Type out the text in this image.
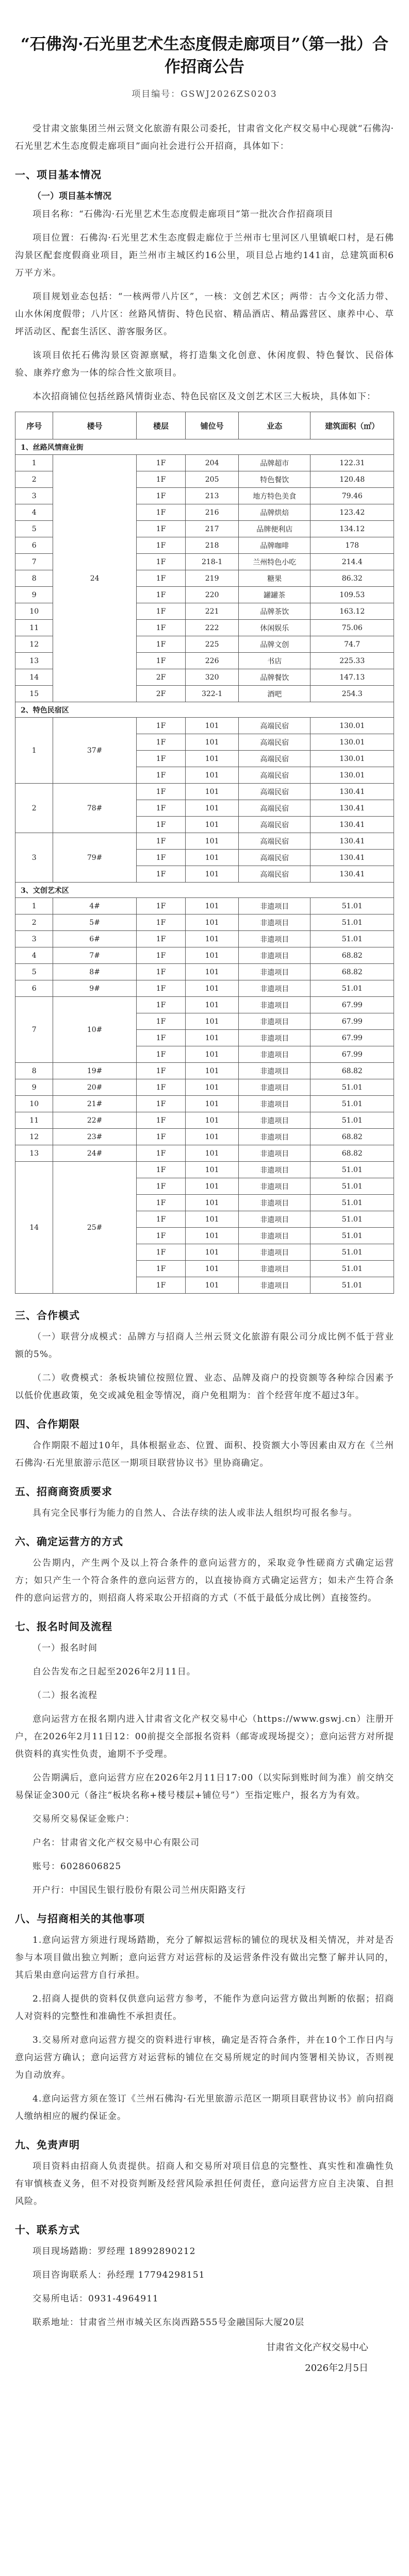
“石佛沟·石光里艺术生态度假走廊项目”（第一批）合作招商公告
项目编号：GSWJ2026ZS0203

受甘肃文旅集团兰州云贤文化旅游有限公司委托，甘肃省文化产权交易中心现就“石佛沟·石光里艺术生态度假走廊项目”面向社会进行公开招商，具体如下：

一、项目基本情况
（一）项目基本情况

项目名称：“石佛沟·石光里艺术生态度假走廊项目”第一批次合作招商项目

项目位置：石佛沟·石光里艺术生态度假走廊位于兰州市七里河区八里镇岷口村，是石佛沟景区配套度假商业项目，距兰州市主城区约16公里，项目总占地约141亩，总建筑面积6万平方米。

项目规划业态包括：“一核两带八片区”，一核：文创艺术区；两带：古今文化活力带、山水休闲度假带；八片区：丝路风情街、特色民宿、精品酒店、精品露营区、康养中心、草坪活动区、配套生活区、游客服务区。

该项目依托石佛沟景区资源禀赋，将打造集文化创意、休闲度假、特色餐饮、民俗体验、康养疗愈为一体的综合性文旅项目。

本次招商铺位包括丝路风情街业态、特色民宿区及文创艺术区三大板块，具体如下：

序号	楼号	楼层	铺位号	业态	建筑面积（㎡）
1、丝路风情商业街					
1	24	1F	204	品牌超市	122.31
2		1F	205	特色餐饮	120.48
3		1F	213	地方特色美食	79.46
4		1F	216	品牌烘焙	123.42
5		1F	217	品牌便利店	134.12
6		1F	218	品牌咖啡	178
7		1F	218-1	兰州特色小吃	214.4
8		1F	219	糖果	86.32
9		1F	220	罐罐茶	109.53
10		1F	221	品牌茶饮	163.12
11		1F	222	休闲娱乐	75.06
12		1F	225	品牌文创	74.7
13		1F	226	书店	225.33
14		2F	320	品牌餐饮	147.13
15		2F	322-1	酒吧	254.3
2、特色民宿区					
1	37#	1F	101	高端民宿	130.01
		1F	101	高端民宿	130.01
		1F	101	高端民宿	130.01
		1F	101	高端民宿	130.01
2	78#	1F	101	高端民宿	130.41
		1F	101	高端民宿	130.41
		1F	101	高端民宿	130.41
3	79#	1F	101	高端民宿	130.41
		1F	101	高端民宿	130.41
		1F	101	高端民宿	130.41
3、文创艺术区					
1	4#	1F	101	非遗项目	51.01
2	5#	1F	101	非遗项目	51.01
3	6#	1F	101	非遗项目	51.01
4	7#	1F	101	非遗项目	68.82
5	8#	1F	101	非遗项目	68.82
6	9#	1F	101	非遗项目	51.01
7	10#	1F	101	非遗项目	67.99
		1F	101	非遗项目	67.99
		1F	101	非遗项目	67.99
		1F	101	非遗项目	67.99
8	19#	1F	101	非遗项目	68.82
9	20#	1F	101	非遗项目	51.01
10	21#	1F	101	非遗项目	51.01
11	22#	1F	101	非遗项目	51.01
12	23#	1F	101	非遗项目	68.82
13	24#	1F	101	非遗项目	68.82
14	25#	1F	101	非遗项目	51.01
		1F	101	非遗项目	51.01
		1F	101	非遗项目	51.01
		1F	101	非遗项目	51.01
		1F	101	非遗项目	51.01
		1F	101	非遗项目	51.01
		1F	101	非遗项目	51.01
		1F	101	非遗项目	51.01
三、合作模式

（一）联营分成模式：品牌方与招商人兰州云贤文化旅游有限公司分成比例不低于营业额的5%。

（二）收费模式：条板块铺位按照位置、业态、品牌及商户的投资额等各种综合因素予以低价优惠政策，免交或减免租金等情况，商户免租期为：首个经营年度不超过3年。

四、合作期限

合作期限不超过10年，具体根据业态、位置、面积、投资额大小等因素由双方在《兰州石佛沟·石光里旅游示范区一期项目联营协议书》里协商确定。

五、招商商资质要求

具有完全民事行为能力的自然人、合法存续的法人或非法人组织均可报名参与。

六、确定运营方的方式

公告期内，产生两个及以上符合条件的意向运营方的，采取竞争性磋商方式确定运营方；如只产生一个符合条件的意向运营方的，以直接协商方式确定运营方；如未产生符合条件的意向运营方的，则招商人将采取公开招商的方式（不低于最低分成比例）直接签约。

七、报名时间及流程

（一）报名时间

自公告发布之日起至2026年2月11日。

（二）报名流程

意向运营方在报名期内进入甘肃省文化产权交易中心（https://www.gswj.cn）注册开户，在2026年2月11日12：00前提交全部报名资料（邮寄或现场提交）；意向运营方对所提供资料的真实性负责，逾期不予受理。

公告期满后，意向运营方应在2026年2月11日17:00（以实际到账时间为准）前交纳交易保证金300元（备注“板块名称+楼号楼层+铺位号”）至指定账户，报名方为有效。

交易所交易保证金账户：

户名：甘肃省文化产权交易中心有限公司

账号：6028606825

开户行：中国民生银行股份有限公司兰州庆阳路支行

八、与招商相关的其他事项

1.意向运营方须进行现场踏勘，充分了解拟运营标的铺位的现状及相关情况，并对是否参与本项目做出独立判断；意向运营方对运营标的及运营条件没有做出完整了解并认同的，其后果由意向运营方自行承担。

2.招商人提供的资料仅供意向运营方参考，不能作为意向运营方做出判断的依据；招商人对资料的完整性和准确性不承担责任。

3.交易所对意向运营方提交的资料进行审核，确定是否符合条件，并在10个工作日内与意向运营方确认；意向运营方对运营标的铺位在交易所规定的时间内签署相关协议，否则视为自动放弃。

4.意向运营方须在签订《兰州石佛沟·石光里旅游示范区一期项目联营协议书》前向招商人缴纳相应的履约保证金。

九、免责声明

项目资料由招商人负责提供。招商人和交易所对项目信息的完整性、真实性和准确性负有审慎核查义务，但不对投资判断及经营风险承担任何责任，意向运营方应自主决策、自担风险。

十、联系方式

项目现场踏勘：罗经理 18992890212

项目咨询联系人：孙经理 17794298151

交易所电话：0931-4964911

联系地址：甘肃省兰州市城关区东岗西路555号金融国际大厦20层

甘肃省文化产权交易中心
2026年2月5日
